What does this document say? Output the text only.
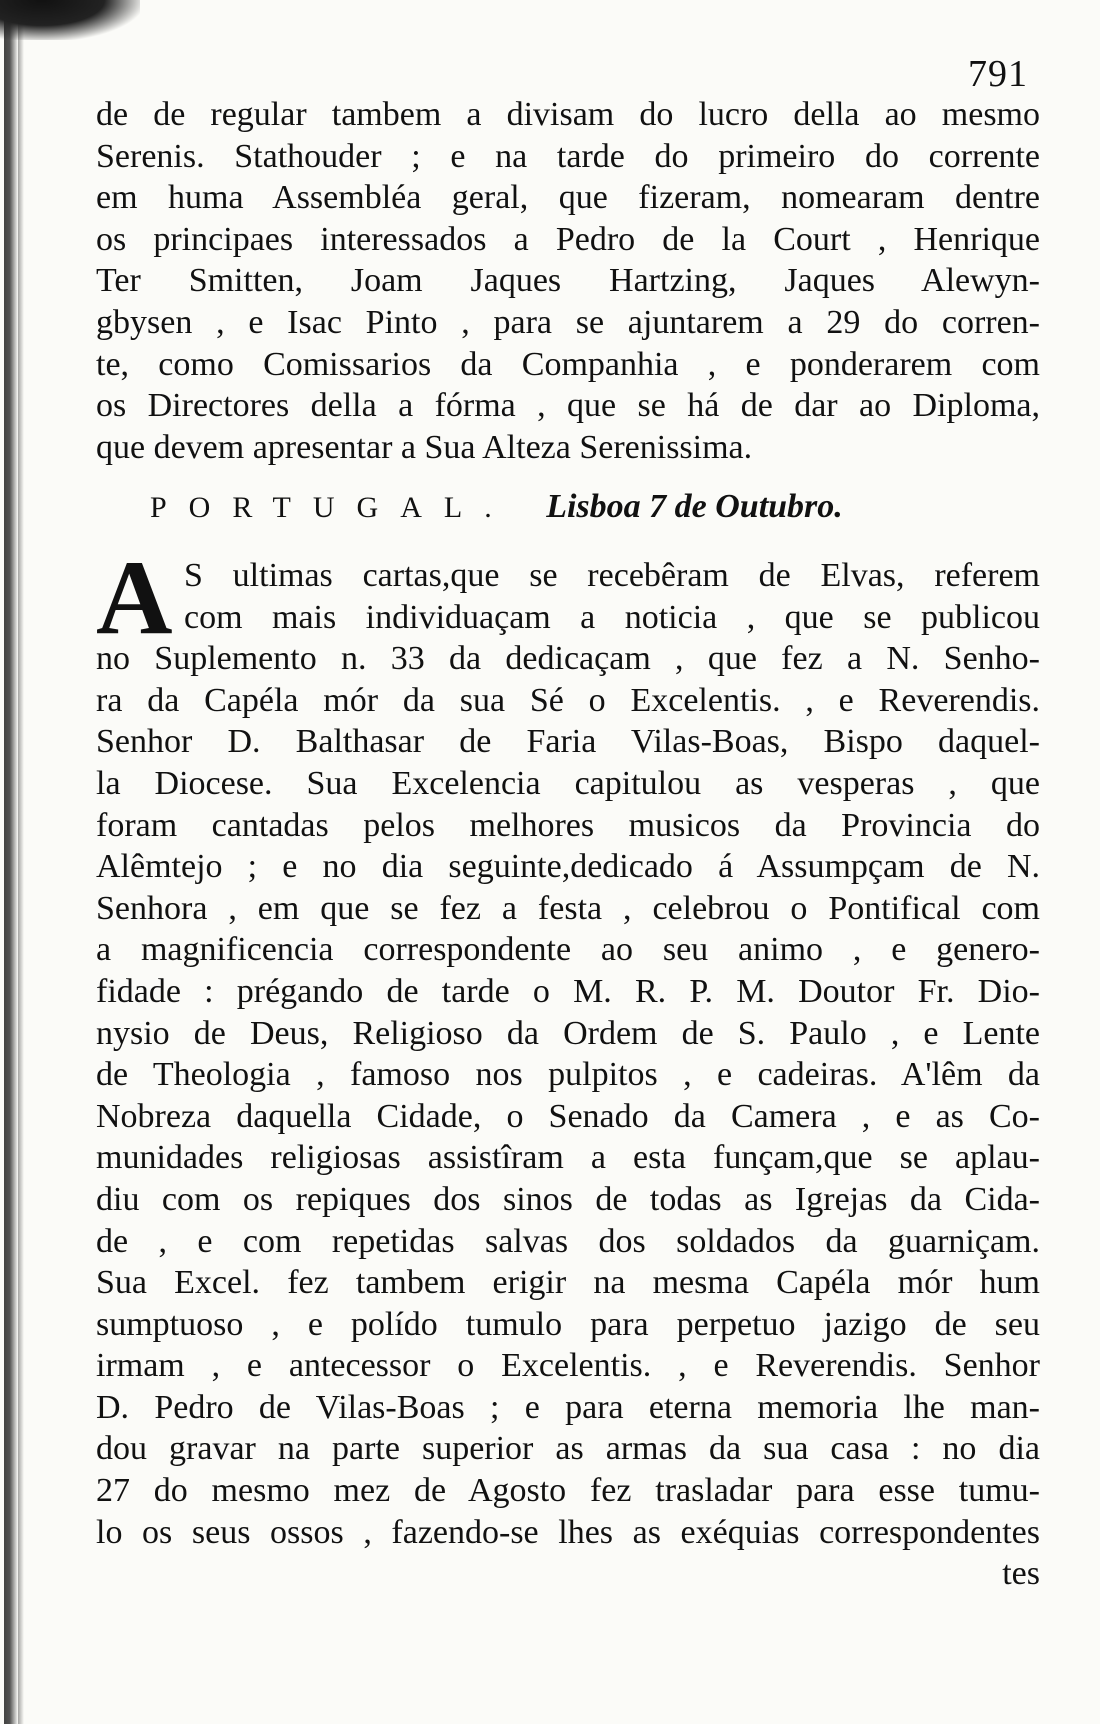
791
de de regular tambem a divisam do lucro della ao mesmo
Serenis. Stathouder ; e na tarde do primeiro do corrente
em huma Assembléa geral, que fizeram, nomearam dentre
os principaes interessados a Pedro de la Court , Henrique
Ter Smitten, Joam Jaques Hartzing, Jaques Alewyn-
gbysen , e Isac Pinto , para se ajuntarem a 29 do corren-
te, como Comissarios da Companhia , e ponderarem com
os Directores della a fórma , que se há de dar ao Diploma,
que devem apresentar a Sua Alteza Serenissima.
PORTUGAL. Lisboa 7 de Outubro.
A S ultimas cartas,que se recebêram de Elvas, referem
com mais individuaçam a noticia , que se publicou
no Suplemento n. 33 da dedicaçam , que fez a N. Senho-
ra da Capéla mór da sua Sé o Excelentis. , e Reverendis.
Senhor D. Balthasar de Faria Vilas-Boas, Bispo daquel-
la Diocese. Sua Excelencia capitulou as vesperas , que
foram cantadas pelos melhores musicos da Provincia do
Alêmtejo ; e no dia seguinte,dedicado á Assumpçam de N.
Senhora , em que se fez a festa , celebrou o Pontifical com
a magnificencia correspondente ao seu animo , e genero-
fidade : prégando de tarde o M. R. P. M. Doutor Fr. Dio-
nysio de Deus, Religioso da Ordem de S. Paulo , e Lente
de Theologia , famoso nos pulpitos , e cadeiras. A'lêm da
Nobreza daquella Cidade, o Senado da Camera , e as Co-
munidades religiosas assistîram a esta funçam,que se aplau-
diu com os repiques dos sinos de todas as Igrejas da Cida-
de , e com repetidas salvas dos soldados da guarniçam.
Sua Excel. fez tambem erigir na mesma Capéla mór hum
sumptuoso , e polído tumulo para perpetuo jazigo de seu
irmam , e antecessor o Excelentis. , e Reverendis. Senhor
D. Pedro de Vilas-Boas ; e para eterna memoria lhe man-
dou gravar na parte superior as armas da sua casa : no dia
27 do mesmo mez de Agosto fez trasladar para esse tumu-
lo os seus ossos , fazendo-se lhes as exéquias correspondentes
tes
